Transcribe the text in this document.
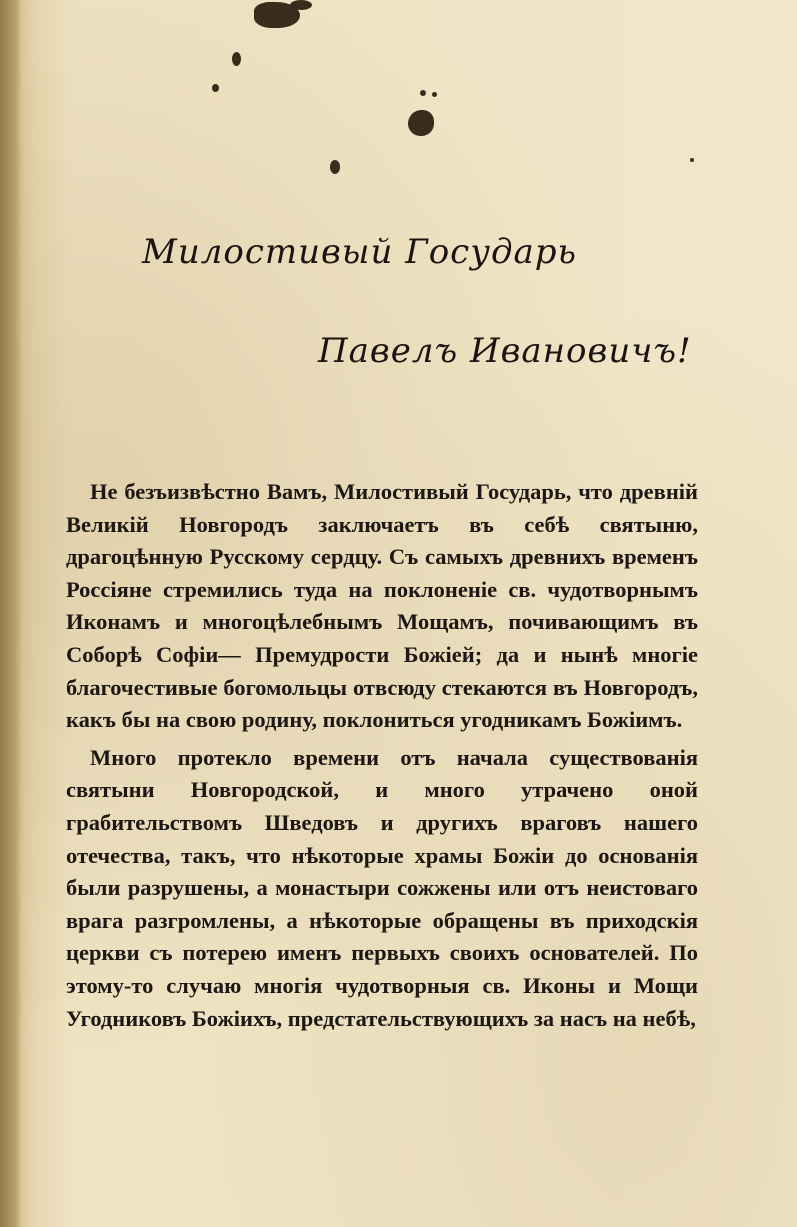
Милостивый Государь
Павелъ Ивановичъ!

Не безъизвѣстно Вамъ, Милостивый Государь, что древній Великій Новгородъ заключаетъ въ себѣ святыню, драгоцѣнную Русскому сердцу. Съ самыхъ древнихъ временъ Россіяне стремились туда на поклоненіе св. чудотворнымъ Иконамъ и многоцѣлебнымъ Мощамъ, почивающимъ въ Соборѣ Софіи— Премудрости Божіей; да и нынѣ многіе благочестивые богомольцы отвсюду стекаются въ Новгородъ, какъ бы на свою родину, поклониться угодникамъ Божіимъ.

Много протекло времени отъ начала существованія святыни Новгородской, и много утрачено оной грабительствомъ Шведовъ и другихъ враговъ нашего отечества, такъ, что нѣкоторые храмы Божіи до основанія были разрушены, а монастыри сожжены или отъ неистоваго врага разгромлены, а нѣкоторые обращены въ приходскія церкви съ потерею именъ первыхъ своихъ основателей. По этому-то случаю многія чудотворныя св. Иконы и Мощи Угодниковъ Божіихъ, предстательствующихъ за насъ на небѣ,
